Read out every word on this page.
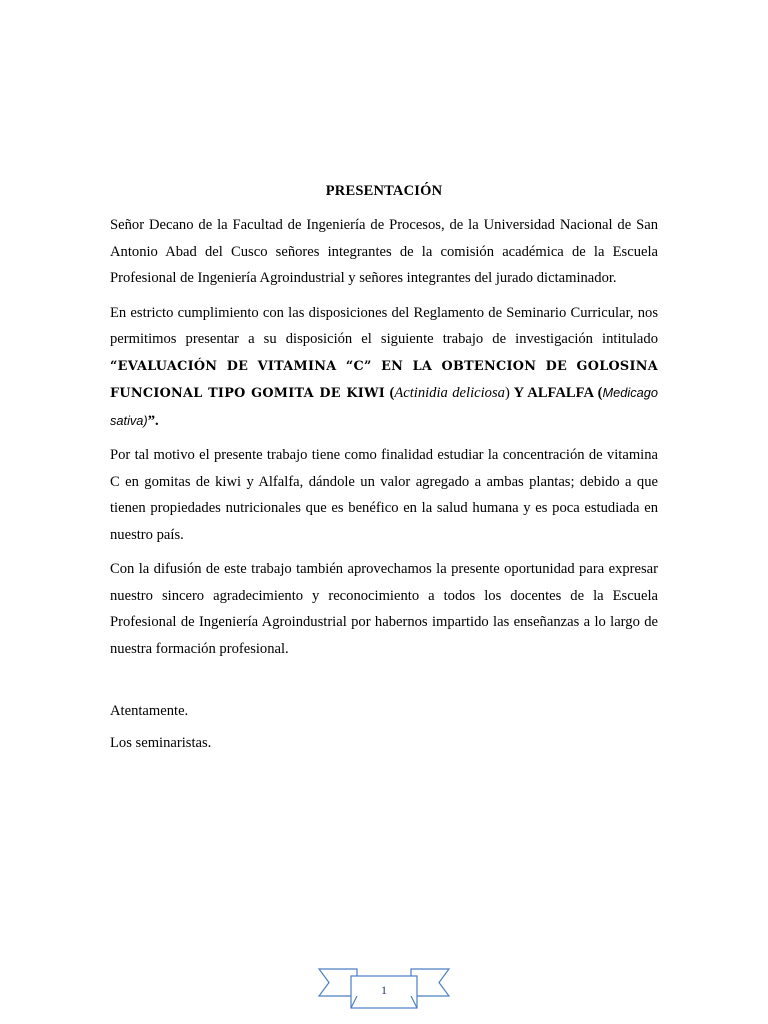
PRESENTACIÓN

Señor Decano de la Facultad de Ingeniería de Procesos, de la Universidad Nacional de San Antonio Abad del Cusco señores integrantes de la comisión académica de la Escuela Profesional de Ingeniería Agroindustrial y señores integrantes del jurado dictaminador.

En estricto cumplimiento con las disposiciones del Reglamento de Seminario Curricular, nos permitimos presentar a su disposición el siguiente trabajo de investigación intitulado “EVALUACIÓN DE VITAMINA “C” EN LA OBTENCION DE GOLOSINA FUNCIONAL TIPO GOMITA DE KIWI (Actinidia deliciosa) Y ALFALFA (Medicago sativa)”.

Por tal motivo el presente trabajo tiene como finalidad estudiar la concentración de vitamina C en gomitas de kiwi y Alfalfa, dándole un valor agregado a ambas plantas; debido a que tienen propiedades nutricionales que es benéfico en la salud humana y es poca estudiada en nuestro país.

Con la difusión de este trabajo también aprovechamos la presente oportunidad para expresar nuestro sincero agradecimiento y reconocimiento a todos los docentes de la Escuela Profesional de Ingeniería Agroindustrial por habernos impartido las enseñanzas a lo largo de nuestra formación profesional.

Atentamente.
Los seminaristas.
1
